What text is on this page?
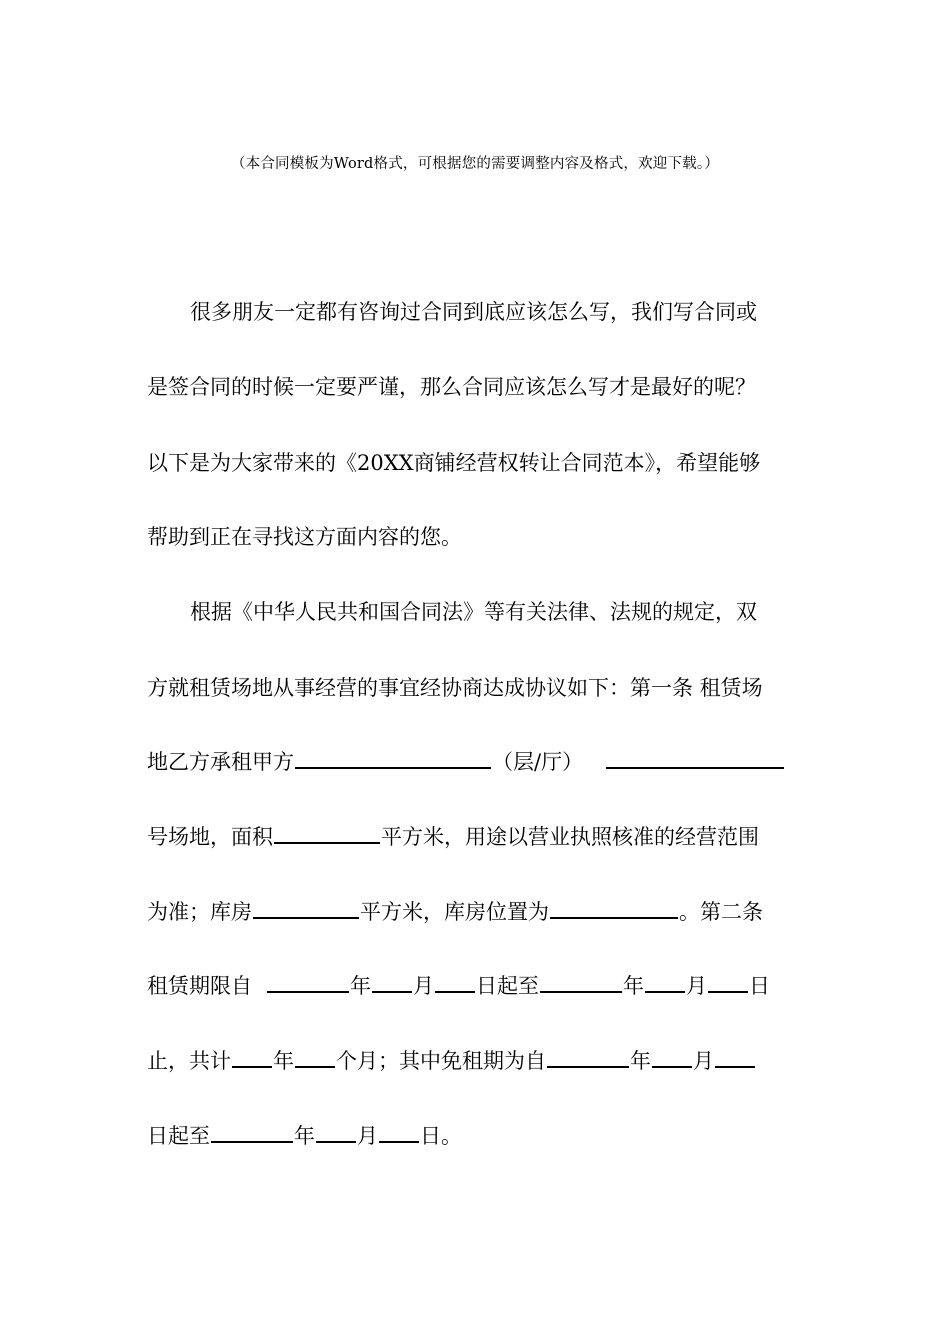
（本合同模板为Word格式，可根据您的需要调整内容及格式，欢迎下载。）
很多朋友一定都有咨询过合同到底应该怎么写，我们写合同或
是签合同的时候一定要严谨，那么合同应该怎么写才是最好的呢？
以下是为大家带来的《20XX商铺经营权转让合同范本》，希望能够
帮助到正在寻找这方面内容的您。
根据《中华人民共和国合同法》等有关法律、法规的规定，双
方就租赁场地从事经营的事宜经协商达成协议如下：第一条 租赁场
地乙方承租甲方	（层/厅）
号场地，面积	平方米，用途以营业执照核准的经营范围
为准；库房	平方米，库房位置为	。第二条
租赁期限自	年 月 日起至	年 月 日
止，共计 年 个月；其中免租期为自	年 月
日起至	年 月 日。
